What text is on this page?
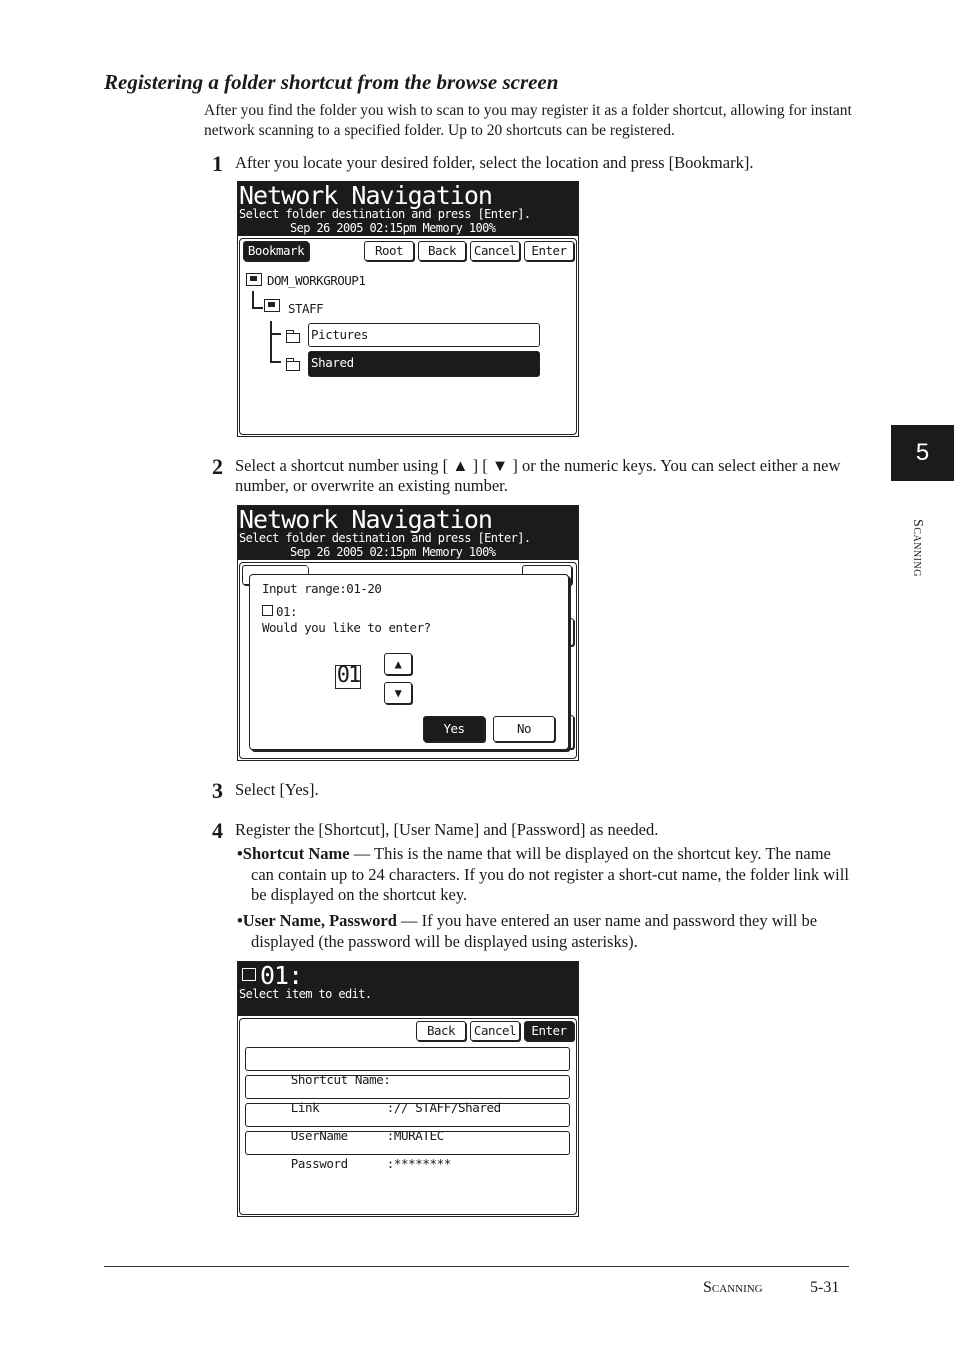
Registering a folder shortcut from the browse screen
After you find the folder you wish to scan to you may register it as a folder shortcut, allowing for instant network scanning to a specified folder. Up to 20 shortcuts can be registered.
1 After you locate your desired folder, select the location and press [Bookmark].
Network Navigation
Select folder destination and press [Enter].
Sep 26 2005 02:15pm Memory 100%
Bookmark	Root	Back	Cancel	Enter
DOM_WORKGROUP1
STAFF
Pictures
Shared
2 Select a shortcut number using [ ▲ ] [ ▼ ] or the numeric keys. You can select either a new number, or overwrite an existing number.
Network Navigation
Select folder destination and press [Enter].
Sep 26 2005 02:15pm Memory 100%
Input range:01-20
01:
Would you like to enter?
01	▲
▼
Yes	No
3 Select [Yes].
4 Register the [Shortcut], [User Name] and [Password] as needed.
•Shortcut Name — This is the name that will be displayed on the shortcut key. The name can contain up to 24 characters. If you do not register a short-cut name, the folder link will be displayed on the shortcut key.
•User Name, Password — If you have entered an user name and password they will be displayed (the password will be displayed using asterisks).
01:
Select item to edit.
Back	Cancel	Enter

Shortcut Name:

Link	:// STAFF/Shared

UserName	:MURATEC

Password	:********

5
Scanning
Scanning	5-31
